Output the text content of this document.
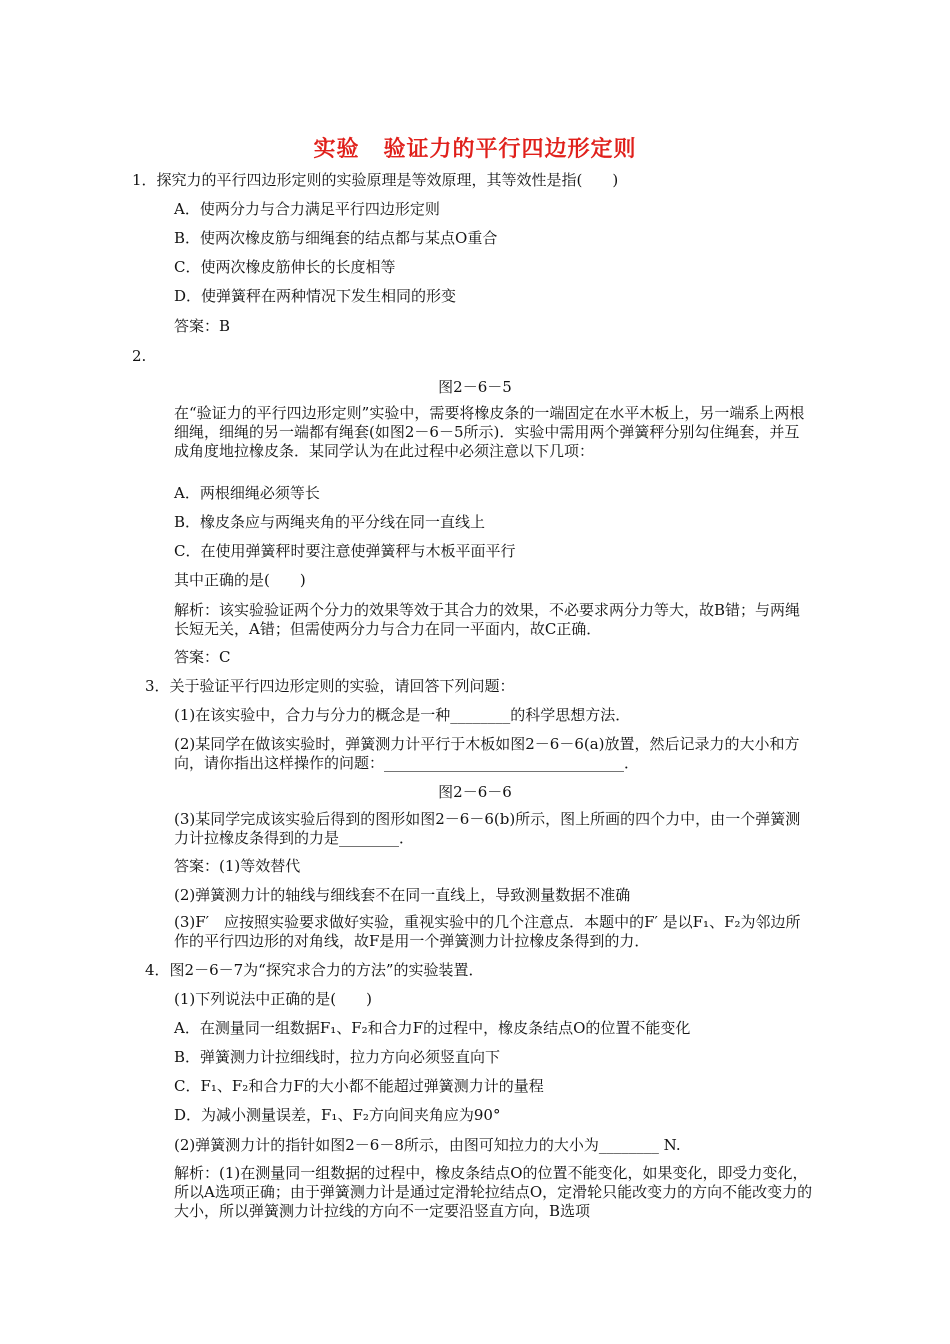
实验 验证力的平行四边形定则
1．探究力的平行四边形定则的实验原理是等效原理，其等效性是指(　　)
A．使两分力与合力满足平行四边形定则
B．使两次橡皮筋与细绳套的结点都与某点O重合
C．使两次橡皮筋伸长的长度相等
D．使弹簧秤在两种情况下发生相同的形变
答案：B
2.
图2－6－5
在“验证力的平行四边形定则”实验中，需要将橡皮条的一端固定在水平木板上，另一端系上两根细绳，细绳的另一端都有绳套(如图2－6－5所示)．实验中需用两个弹簧秤分别勾住绳套，并互成角度地拉橡皮条．某同学认为在此过程中必须注意以下几项：
A．两根细绳必须等长
B．橡皮条应与两绳夹角的平分线在同一直线上
C．在使用弹簧秤时要注意使弹簧秤与木板平面平行
其中正确的是(　　)
解析：该实验验证两个分力的效果等效于其合力的效果，不必要求两分力等大，故B错；与两绳长短无关，A错；但需使两分力与合力在同一平面内，故C正确．
答案：C
3．关于验证平行四边形定则的实验，请回答下列问题：
(1)在该实验中，合力与分力的概念是一种________的科学思想方法．
(2)某同学在做该实验时，弹簧测力计平行于木板如图2－6－6(a)放置，然后记录力的大小和方向，请你指出这样操作的问题：________________________________．
图2－6－6
(3)某同学完成该实验后得到的图形如图2－6－6(b)所示，图上所画的四个力中，由一个弹簧测力计拉橡皮条得到的力是________．
答案：(1)等效替代
(2)弹簧测力计的轴线与细线套不在同一直线上，导致测量数据不准确
(3)F′　应按照实验要求做好实验，重视实验中的几个注意点．本题中的F′ 是以F₁、F₂为邻边所作的平行四边形的对角线，故F是用一个弹簧测力计拉橡皮条得到的力．
4．图2－6－7为“探究求合力的方法”的实验装置．
(1)下列说法中正确的是(　　)
A．在测量同一组数据F₁、F₂和合力F的过程中，橡皮条结点O的位置不能变化
B．弹簧测力计拉细线时，拉力方向必须竖直向下
C．F₁、F₂和合力F的大小都不能超过弹簧测力计的量程
D．为减小测量误差，F₁、F₂方向间夹角应为90°
(2)弹簧测力计的指针如图2－6－8所示，由图可知拉力的大小为________ N.
解析：(1)在测量同一组数据的过程中，橡皮条结点O的位置不能变化，如果变化，即受力变化，所以A选项正确；由于弹簧测力计是通过定滑轮拉结点O，定滑轮只能改变力的方向不能改变力的大小，所以弹簧测力计拉线的方向不一定要沿竖直方向，B选项
